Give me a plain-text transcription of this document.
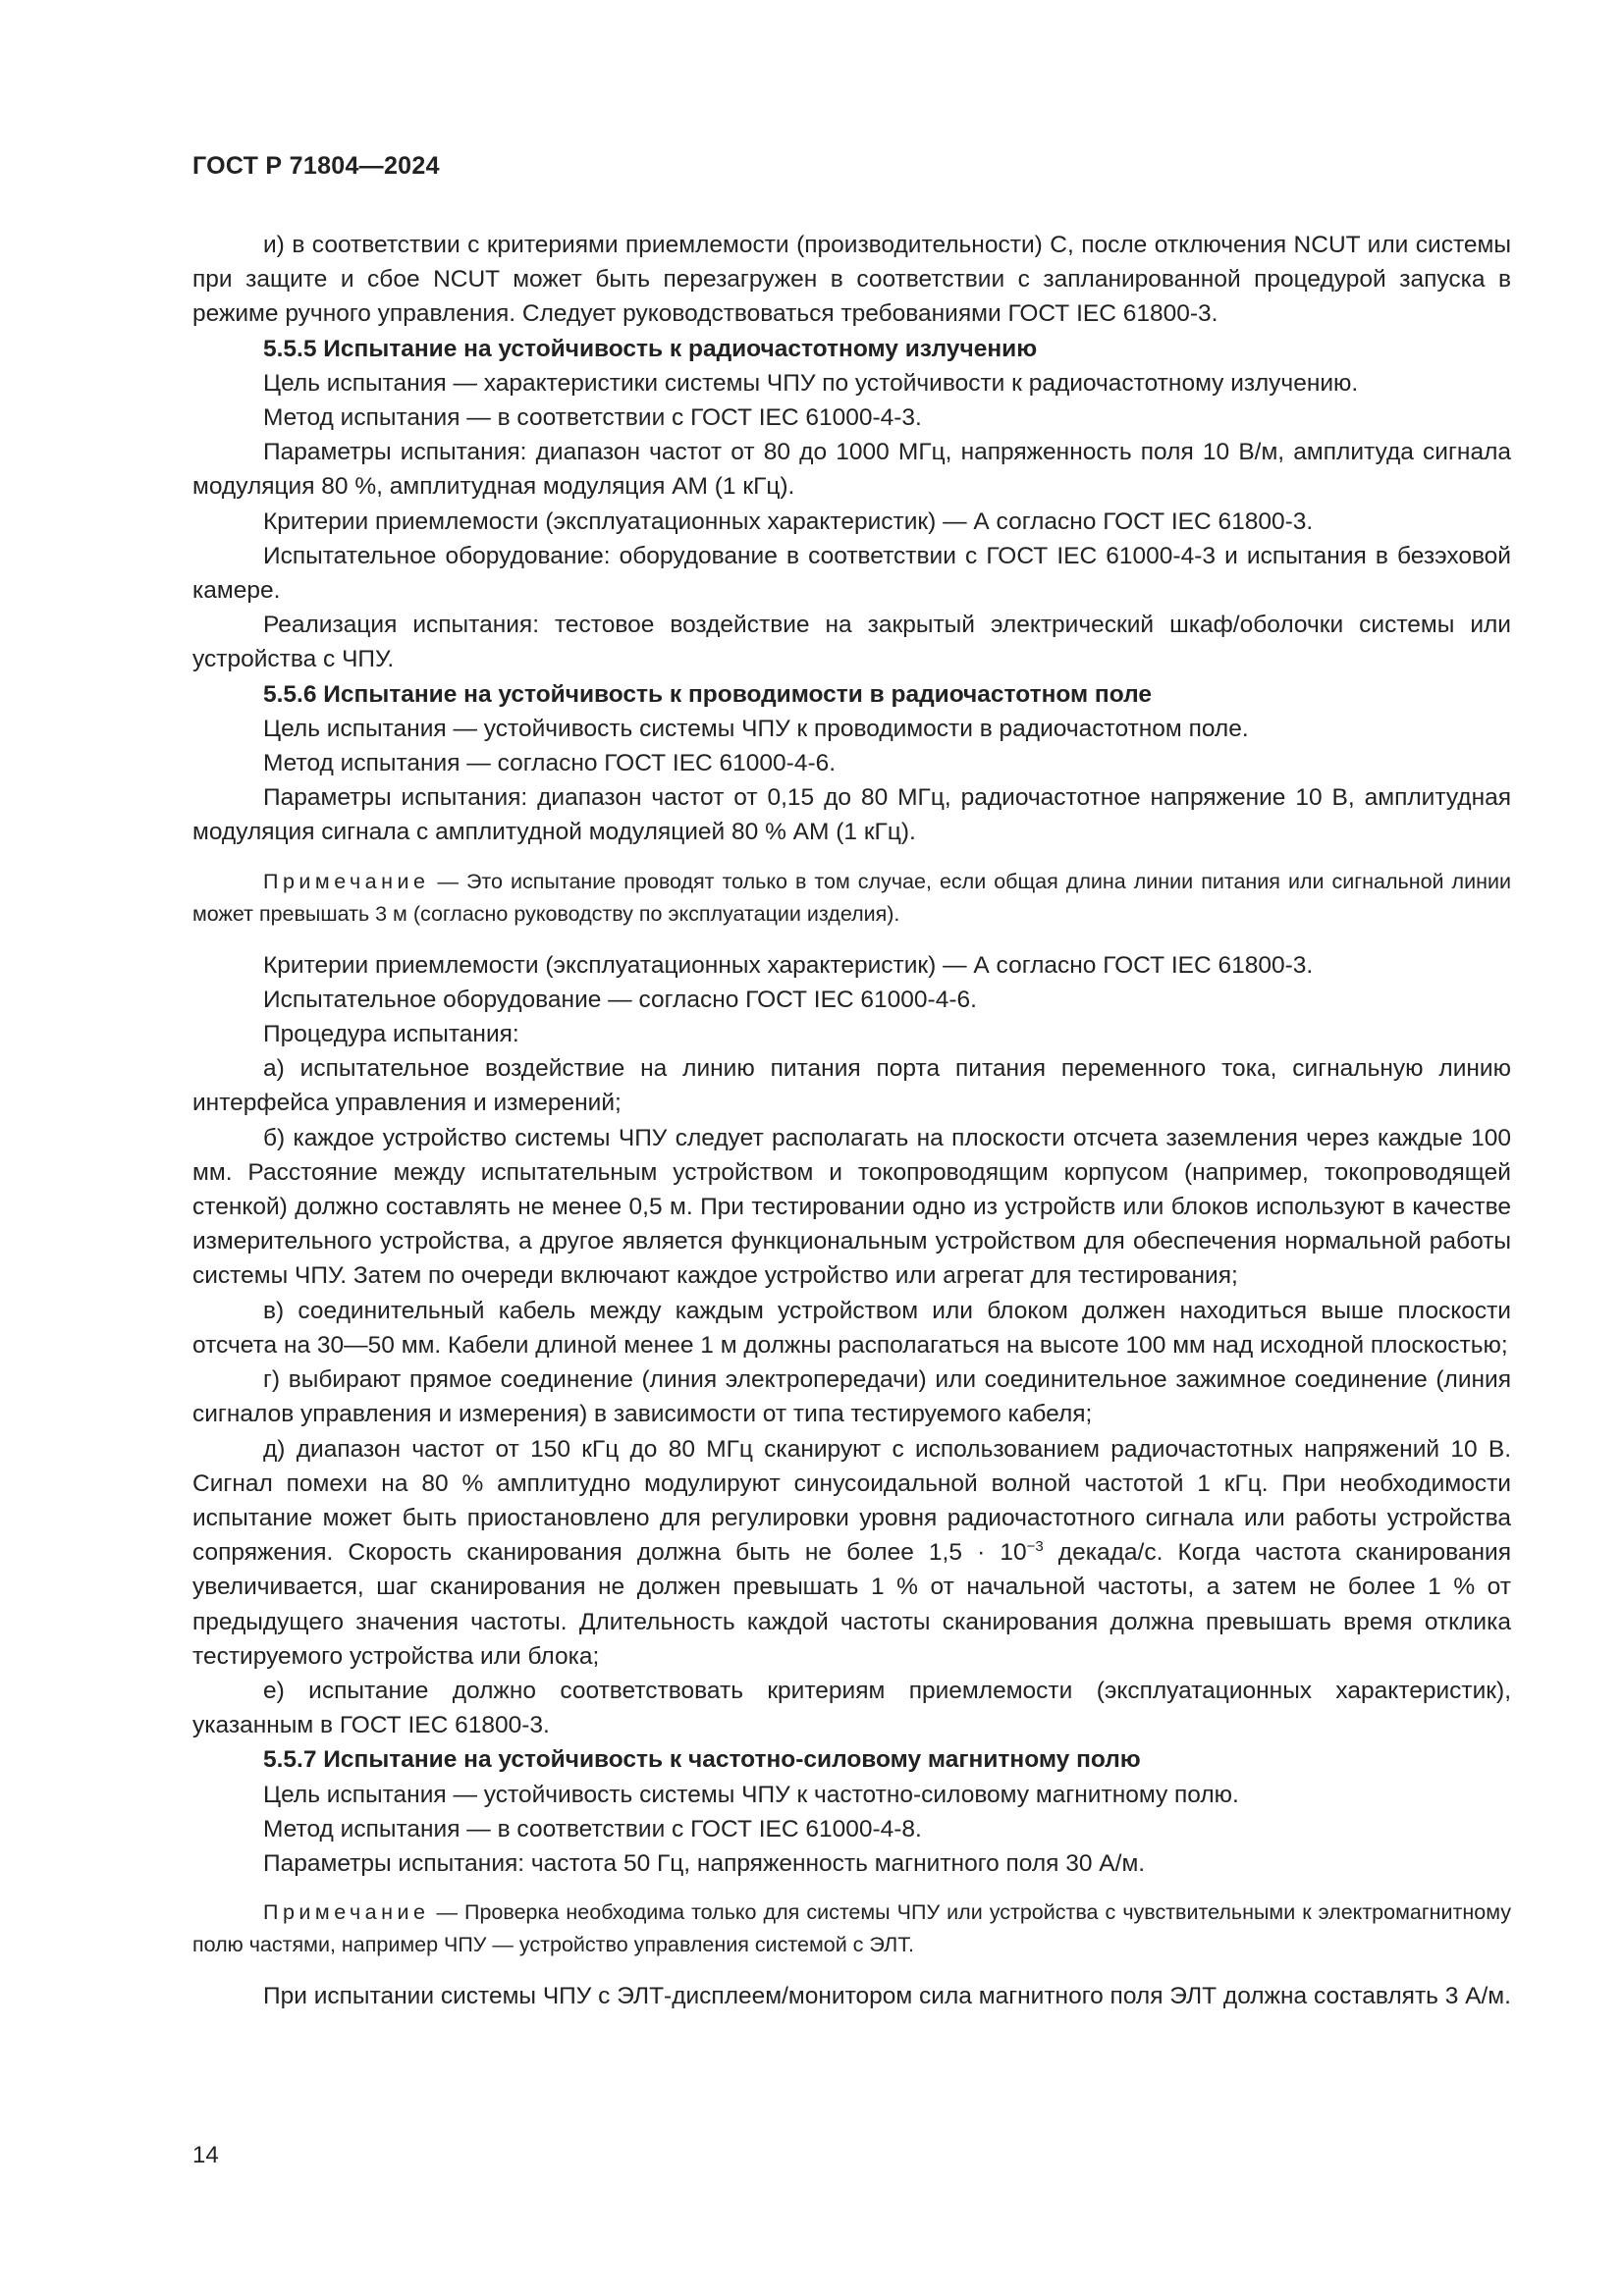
ГОСТ Р 71804—2024

и) в соответствии с критериями приемлемости (производительности) С, после отключения NCUT или системы при защите и сбое NCUT может быть перезагружен в соответствии с запланированной процедурой запуска в режиме ручного управления. Следует руководствоваться требованиями ГОСТ IEC 61800-3.

5.5.5 Испытание на устойчивость к радиочастотному излучению

Цель испытания — характеристики системы ЧПУ по устойчивости к радиочастотному излучению.

Метод испытания — в соответствии с ГОСТ IEC 61000-4-3.

Параметры испытания: диапазон частот от 80 до 1000 МГц, напряженность поля 10 В/м, амплитуда сигнала модуляция 80 %, амплитудная модуляция АМ (1 кГц).

Критерии приемлемости (эксплуатационных характеристик) — А согласно ГОСТ IEC 61800-3.

Испытательное оборудование: оборудование в соответствии с ГОСТ IEC 61000-4-3 и испытания в безэховой камере.

Реализация испытания: тестовое воздействие на закрытый электрический шкаф/оболочки системы или устройства с ЧПУ.

5.5.6 Испытание на устойчивость к проводимости в радиочастотном поле

Цель испытания — устойчивость системы ЧПУ к проводимости в радиочастотном поле.

Метод испытания — согласно ГОСТ IEC 61000-4-6.

Параметры испытания: диапазон частот от 0,15 до 80 МГц, радиочастотное напряжение 10 В, амплитудная модуляция сигнала с амплитудной модуляцией 80 % АМ (1 кГц).

Примечание — Это испытание проводят только в том случае, если общая длина линии питания или сигнальной линии может превышать 3 м (согласно руководству по эксплуатации изделия).

Критерии приемлемости (эксплуатационных характеристик) — А согласно ГОСТ IEC 61800-3.

Испытательное оборудование — согласно ГОСТ IEC 61000-4-6.

Процедура испытания:

а) испытательное воздействие на линию питания порта питания переменного тока, сигнальную линию интерфейса управления и измерений;

б) каждое устройство системы ЧПУ следует располагать на плоскости отсчета заземления через каждые 100 мм. Расстояние между испытательным устройством и токопроводящим корпусом (например, токопроводящей стенкой) должно составлять не менее 0,5 м. При тестировании одно из устройств или блоков используют в качестве измерительного устройства, а другое является функциональным устройством для обеспечения нормальной работы системы ЧПУ. Затем по очереди включают каждое устройство или агрегат для тестирования;

в) соединительный кабель между каждым устройством или блоком должен находиться выше плоскости отсчета на 30—50 мм. Кабели длиной менее 1 м должны располагаться на высоте 100 мм над исходной плоскостью;

г) выбирают прямое соединение (линия электропередачи) или соединительное зажимное соединение (линия сигналов управления и измерения) в зависимости от типа тестируемого кабеля;

д) диапазон частот от 150 кГц до 80 МГц сканируют с использованием радиочастотных напряжений 10 В. Сигнал помехи на 80 % амплитудно модулируют синусоидальной волной частотой 1 кГц. При необходимости испытание может быть приостановлено для регулировки уровня радиочастотного сигнала или работы устройства сопряжения. Скорость сканирования должна быть не более $1,5 \cdot 10^{-3}$ декада/с. Когда частота сканирования увеличивается, шаг сканирования не должен превышать 1 % от начальной частоты, а затем не более 1 % от предыдущего значения частоты. Длительность каждой частоты сканирования должна превышать время отклика тестируемого устройства или блока;

е) испытание должно соответствовать критериям приемлемости (эксплуатационных характеристик), указанным в ГОСТ IEC 61800-3.

5.5.7 Испытание на устойчивость к частотно-силовому магнитному полю

Цель испытания — устойчивость системы ЧПУ к частотно-силовому магнитному полю.

Метод испытания — в соответствии с ГОСТ IEC 61000-4-8.

Параметры испытания: частота 50 Гц, напряженность магнитного поля 30 А/м.

Примечание — Проверка необходима только для системы ЧПУ или устройства с чувствительными к электромагнитному полю частями, например ЧПУ — устройство управления системой с ЭЛТ.

При испытании системы ЧПУ с ЭЛТ-дисплеем/монитором сила магнитного поля ЭЛТ должна составлять 3 А/м.

14
